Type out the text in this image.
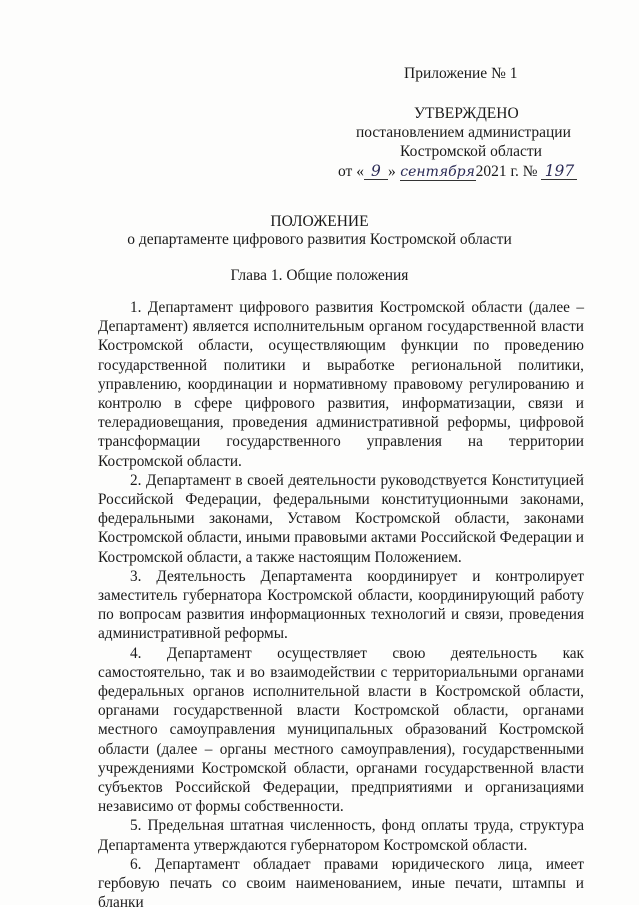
Приложение № 1
УТВЕРЖДЕНО
постановлением администрации
Костромской области
от « 9 » сентября2021 г. № 197
ПОЛОЖЕНИЕ
о департаменте цифрового развития Костромской области
Глава 1. Общие положения

1. Департамент цифрового развития Костромской области (далее – Департамент) является исполнительным органом государственной власти Костромской области, осуществляющим функции по проведению государственной политики и выработке региональной политики, управлению, координации и нормативному правовому регулированию и контролю в сфере цифрового развития, информатизации, связи и телерадиовещания, проведения административной реформы, цифровой трансформации государственного управления на территории Костромской области.

2. Департамент в своей деятельности руководствуется Конституцией Российской Федерации, федеральными конституционными законами, федеральными законами, Уставом Костромской области, законами Костромской области, иными правовыми актами Российской Федерации и Костромской области, а также настоящим Положением.

3. Деятельность Департамента координирует и контролирует заместитель губернатора Костромской области, координирующий работу по вопросам развития информационных технологий и связи, проведения административной реформы.

4. Департамент осуществляет свою деятельность как самостоятельно, так и во взаимодействии с территориальными органами федеральных органов исполнительной власти в Костромской области, органами государственной власти Костромской области, органами местного самоуправления муниципальных образований Костромской области (далее – органы местного самоуправления), государственными учреждениями Костромской области, органами государственной власти субъектов Российской Федерации, предприятиями и организациями независимо от формы собственности.

5. Предельная штатная численность, фонд оплаты труда, структура Департамента утверждаются губернатором Костромской области.

6. Департамент обладает правами юридического лица, имеет гербовую печать со своим наименованием, иные печати, штампы и бланки
